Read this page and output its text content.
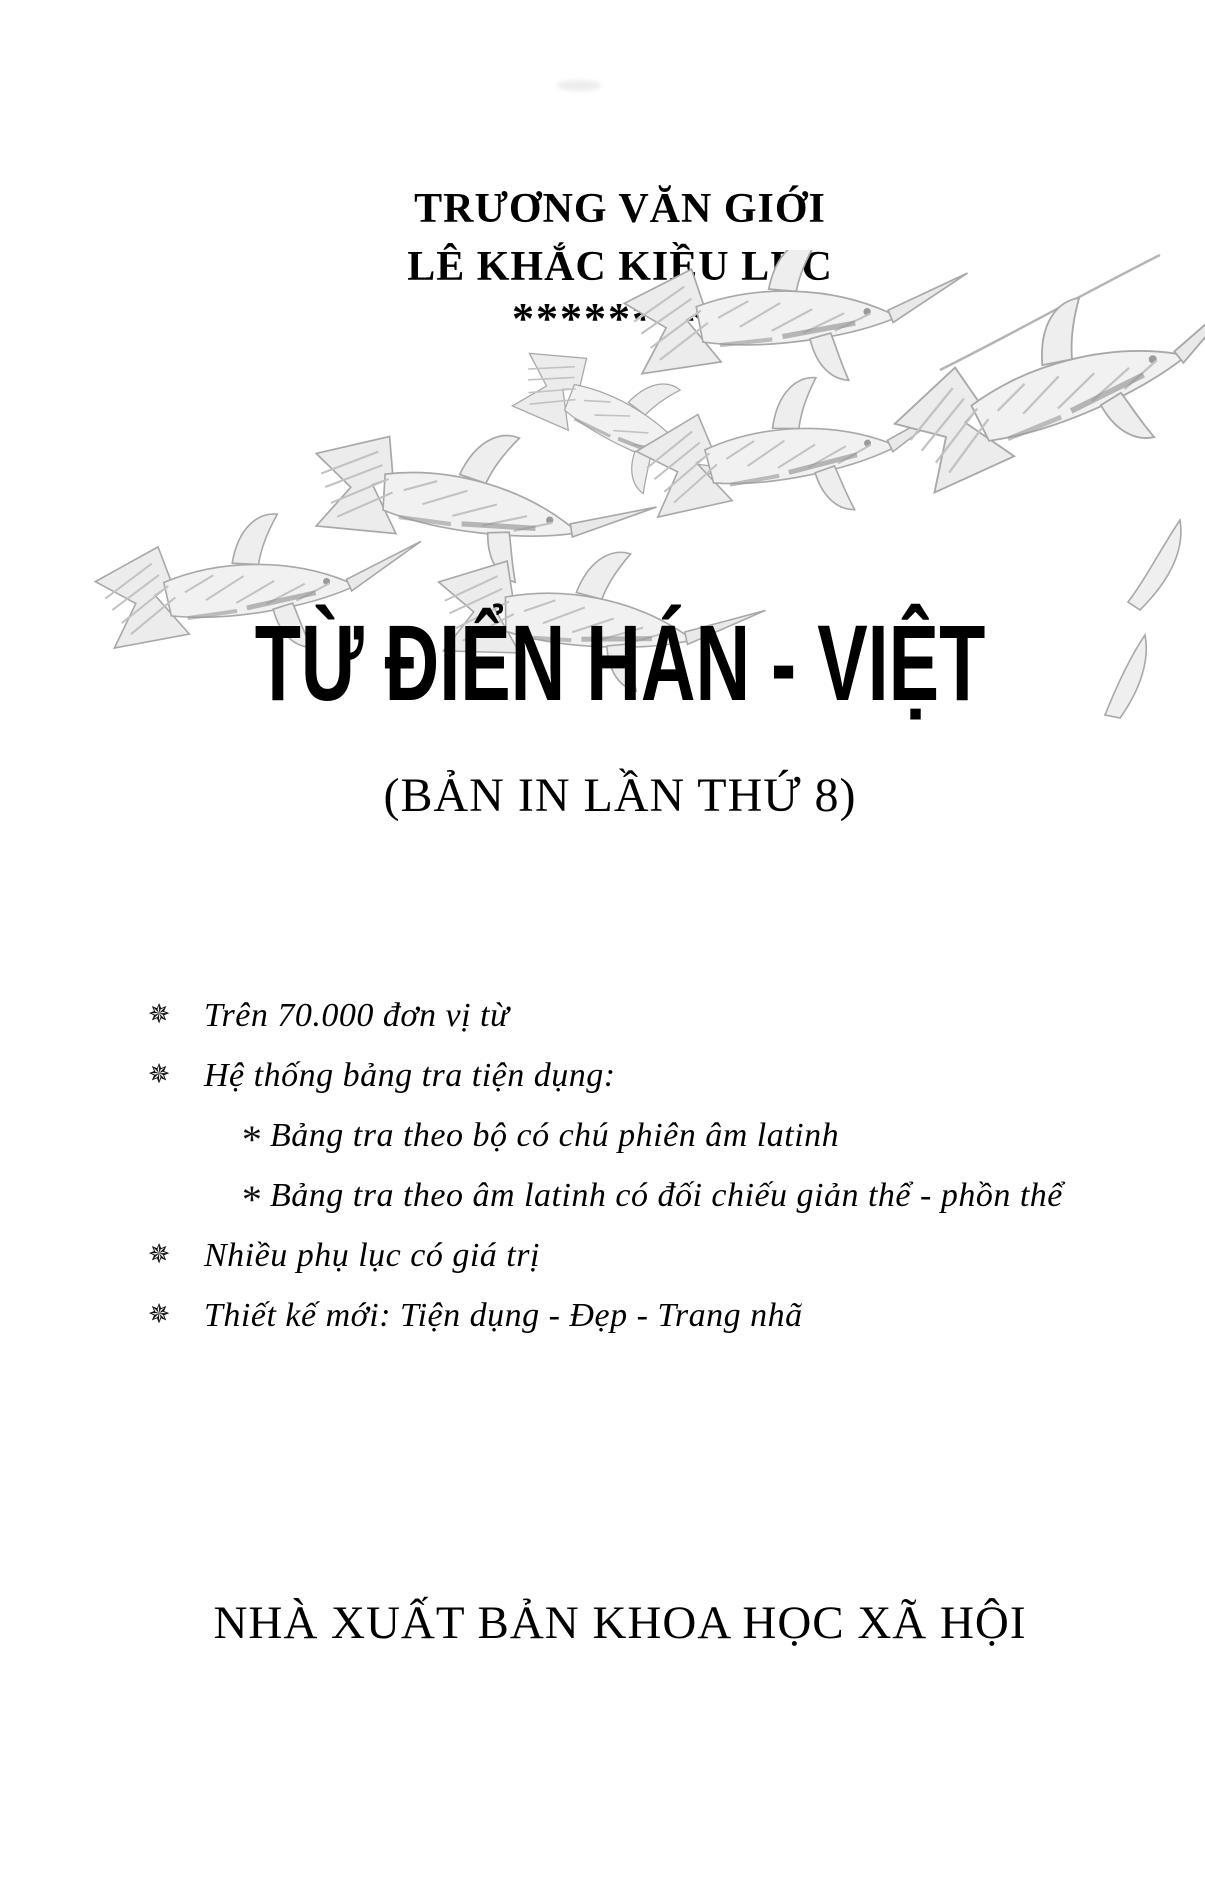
TRƯƠNG VĂN GIỚI
LÊ KHẮC KIỀU LỤC
*********
TỪ ĐIỂN HÁN - VIỆT
(BẢN IN LẦN THỨ 8)
✵ Trên 70.000 đơn vị từ
✵ Hệ thống bảng tra tiện dụng:
* Bảng tra theo bộ có chú phiên âm latinh
* Bảng tra theo âm latinh có đối chiếu giản thể - phồn thể
✵ Nhiều phụ lục có giá trị
✵ Thiết kế mới: Tiện dụng - Đẹp - Trang nhã
NHÀ XUẤT BẢN KHOA HỌC XÃ HỘI
